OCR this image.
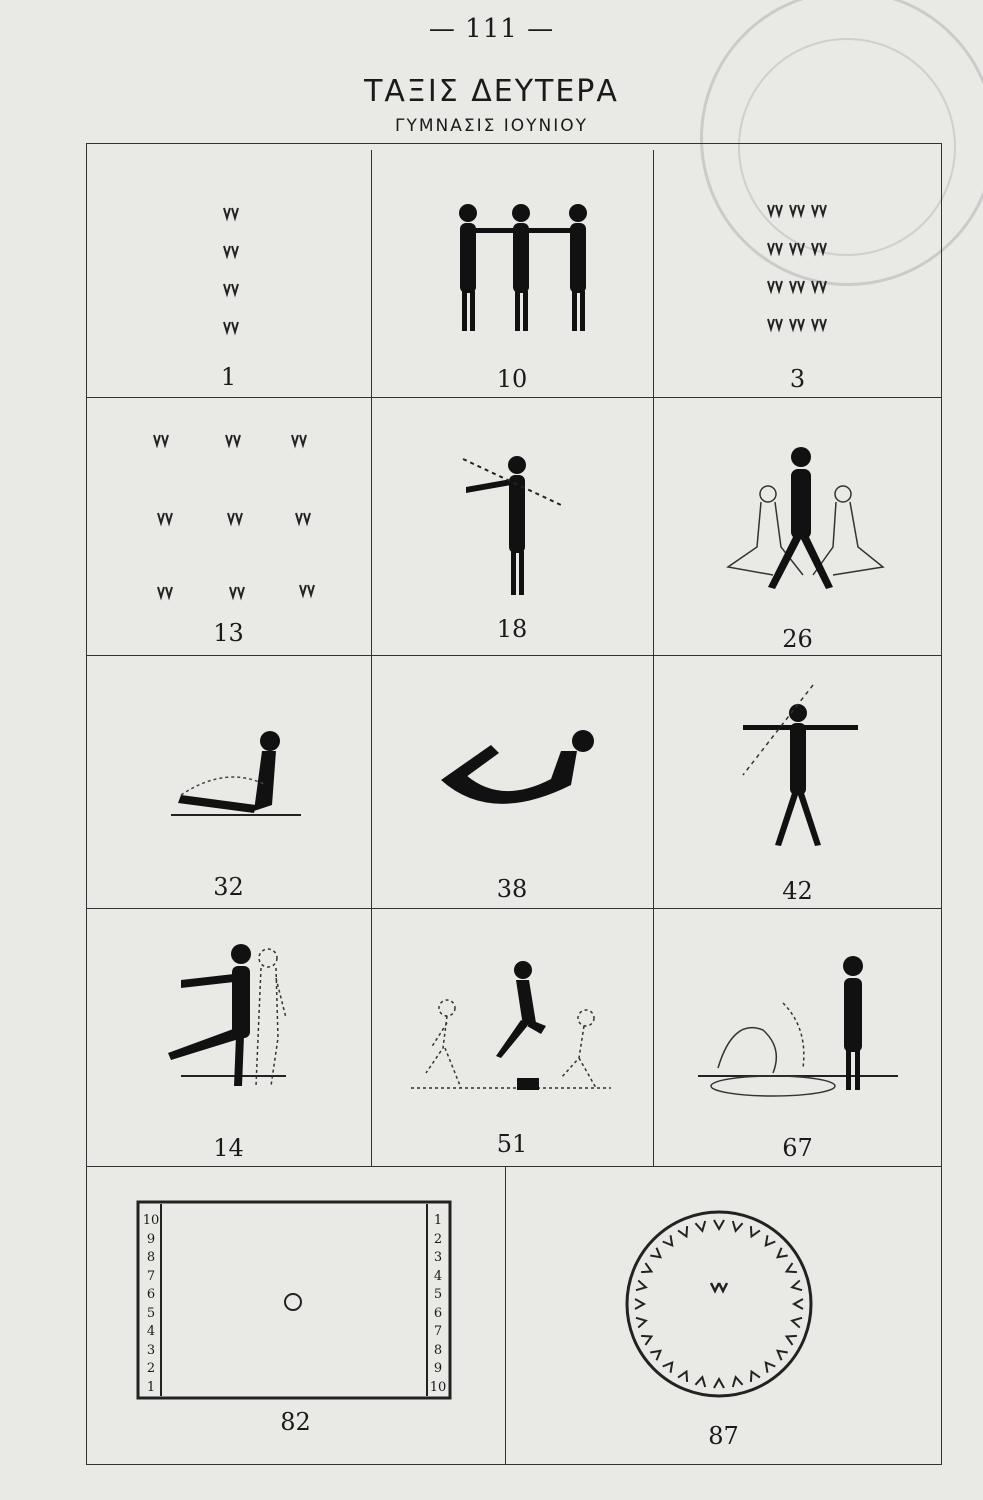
— 111 —
ΤΑΞΙΣ ΔΕΥΤΕΡΑ
ΓΥΜΝΑΣΙΣ ΙΟΥΝΙΟΥ
1	10	3
13	18	26
32	38	42
14	51	67
10
9
8
7
6
5
4
3
2
1
1
2
3
4
5
6
7
8
9
10
82	87
